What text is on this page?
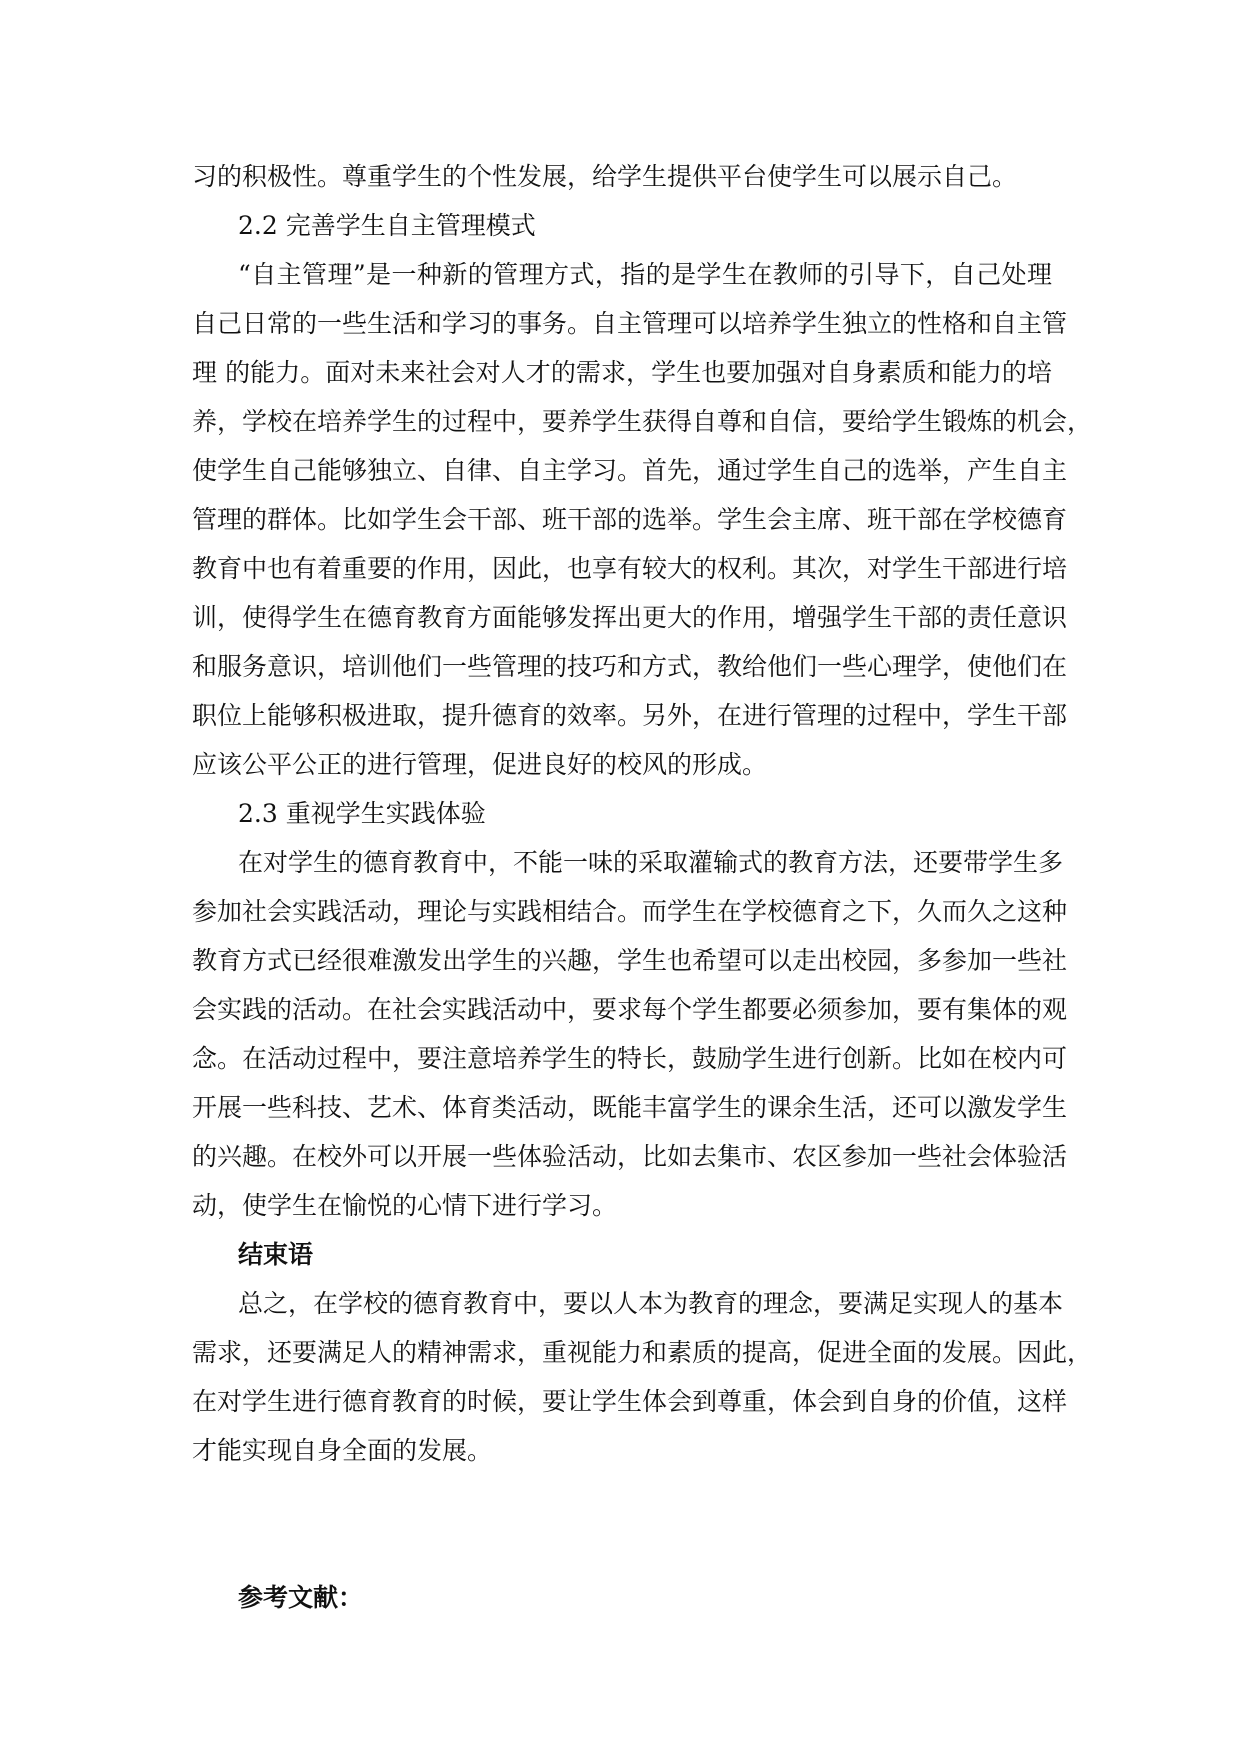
习的积极性。尊重学生的个性发展，给学生提供平台使学生可以展示自己。
2.2 完善学生自主管理模式
“自主管理”是一种新的管理方式，指的是学生在教师的引导下，自己处理
自己日常的一些生活和学习的事务。自主管理可以培养学生独立的性格和自主管
理 的能力。面对未来社会对人才的需求，学生也要加强对自身素质和能力的培
养，学校在培养学生的过程中，要养学生获得自尊和自信，要给学生锻炼的机会，
使学生自己能够独立、自律、自主学习。首先，通过学生自己的选举，产生自主
管理的群体。比如学生会干部、班干部的选举。学生会主席、班干部在学校德育
教育中也有着重要的作用，因此，也享有较大的权利。其次，对学生干部进行培
训，使得学生在德育教育方面能够发挥出更大的作用，增强学生干部的责任意识
和服务意识，培训他们一些管理的技巧和方式，教给他们一些心理学，使他们在
职位上能够积极进取，提升德育的效率。另外，在进行管理的过程中，学生干部
应该公平公正的进行管理，促进良好的校风的形成。
2.3 重视学生实践体验
在对学生的德育教育中，不能一味的采取灌输式的教育方法，还要带学生多
参加社会实践活动，理论与实践相结合。而学生在学校德育之下，久而久之这种
教育方式已经很难激发出学生的兴趣，学生也希望可以走出校园，多参加一些社
会实践的活动。在社会实践活动中，要求每个学生都要必须参加，要有集体的观
念。在活动过程中，要注意培养学生的特长，鼓励学生进行创新。比如在校内可
开展一些科技、艺术、体育类活动，既能丰富学生的课余生活，还可以激发学生
的兴趣。在校外可以开展一些体验活动，比如去集市、农区参加一些社会体验活
动，使学生在愉悦的心情下进行学习。
结束语
总之，在学校的德育教育中，要以人本为教育的理念，要满足实现人的基本
需求，还要满足人的精神需求，重视能力和素质的提高，促进全面的发展。因此，
在对学生进行德育教育的时候，要让学生体会到尊重，体会到自身的价值，这样
才能实现自身全面的发展。
参考文献：
